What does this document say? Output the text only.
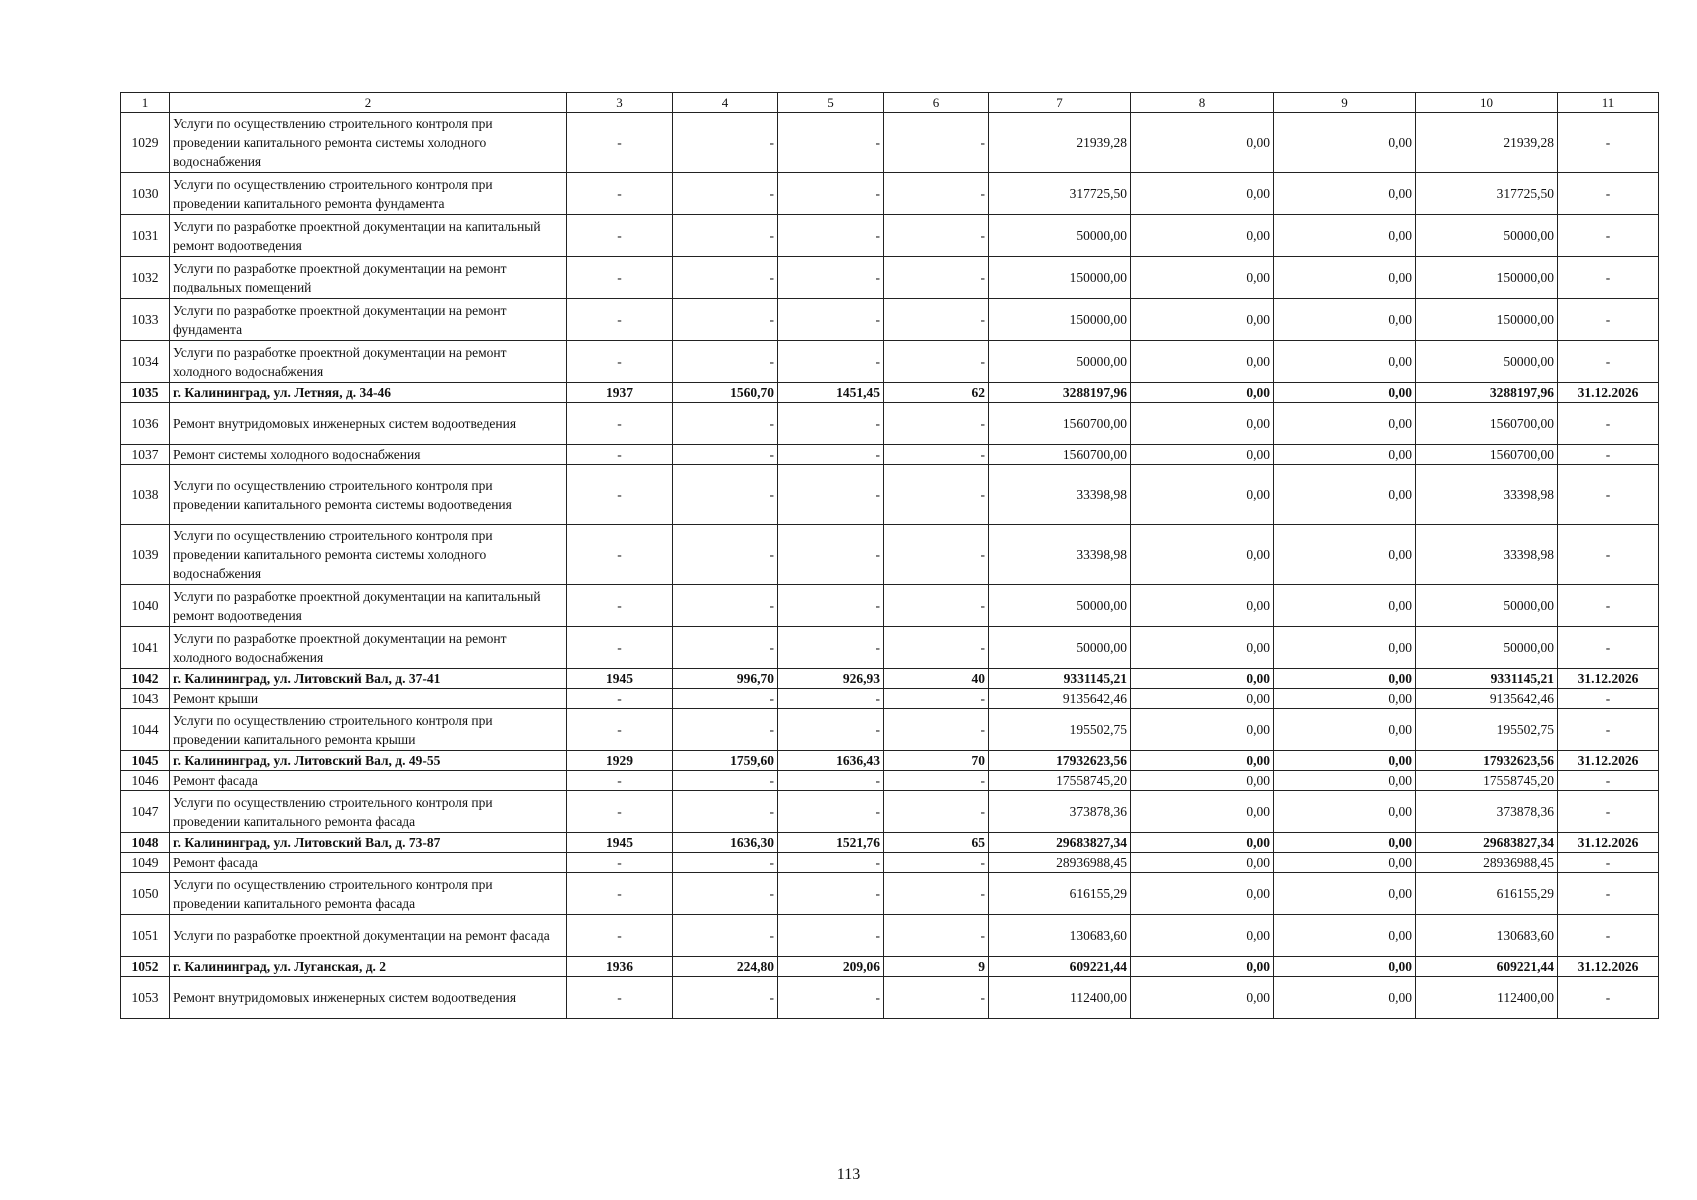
1	2	3	4	5	6	7	8	9	10	11
1029	Услуги по осуществлению строительного контроля при проведении капитального ремонта системы холодного водоснабжения	-	-	-	-	21939,28	0,00	0,00	21939,28	-
1030	Услуги по осуществлению строительного контроля при проведении капитального ремонта фундамента	-	-	-	-	317725,50	0,00	0,00	317725,50	-
1031	Услуги по разработке проектной документации на капитальный ремонт водоотведения	-	-	-	-	50000,00	0,00	0,00	50000,00	-
1032	Услуги по разработке проектной документации на ремонт подвальных помещений	-	-	-	-	150000,00	0,00	0,00	150000,00	-
1033	Услуги по разработке проектной документации на ремонт фундамента	-	-	-	-	150000,00	0,00	0,00	150000,00	-
1034	Услуги по разработке проектной документации на ремонт холодного водоснабжения	-	-	-	-	50000,00	0,00	0,00	50000,00	-
1035	г. Калининград, ул. Летняя, д. 34-46	1937	1560,70	1451,45	62	3288197,96	0,00	0,00	3288197,96	31.12.2026
1036	Ремонт внутридомовых инженерных систем водоотведения	-	-	-	-	1560700,00	0,00	0,00	1560700,00	-
1037	Ремонт системы холодного водоснабжения	-	-	-	-	1560700,00	0,00	0,00	1560700,00	-
1038	Услуги по осуществлению строительного контроля при проведении капитального ремонта системы водоотведения	-	-	-	-	33398,98	0,00	0,00	33398,98	-
1039	Услуги по осуществлению строительного контроля при проведении капитального ремонта системы холодного водоснабжения	-	-	-	-	33398,98	0,00	0,00	33398,98	-
1040	Услуги по разработке проектной документации на капитальный ремонт водоотведения	-	-	-	-	50000,00	0,00	0,00	50000,00	-
1041	Услуги по разработке проектной документации на ремонт холодного водоснабжения	-	-	-	-	50000,00	0,00	0,00	50000,00	-
1042	г. Калининград, ул. Литовский Вал, д. 37-41	1945	996,70	926,93	40	9331145,21	0,00	0,00	9331145,21	31.12.2026
1043	Ремонт крыши	-	-	-	-	9135642,46	0,00	0,00	9135642,46	-
1044	Услуги по осуществлению строительного контроля при проведении капитального ремонта крыши	-	-	-	-	195502,75	0,00	0,00	195502,75	-
1045	г. Калининград, ул. Литовский Вал, д. 49-55	1929	1759,60	1636,43	70	17932623,56	0,00	0,00	17932623,56	31.12.2026
1046	Ремонт фасада	-	-	-	-	17558745,20	0,00	0,00	17558745,20	-
1047	Услуги по осуществлению строительного контроля при проведении капитального ремонта фасада	-	-	-	-	373878,36	0,00	0,00	373878,36	-
1048	г. Калининград, ул. Литовский Вал, д. 73-87	1945	1636,30	1521,76	65	29683827,34	0,00	0,00	29683827,34	31.12.2026
1049	Ремонт фасада	-	-	-	-	28936988,45	0,00	0,00	28936988,45	-
1050	Услуги по осуществлению строительного контроля при проведении капитального ремонта фасада	-	-	-	-	616155,29	0,00	0,00	616155,29	-
1051	Услуги по разработке проектной документации на ремонт фасада	-	-	-	-	130683,60	0,00	0,00	130683,60	-
1052	г. Калининград, ул. Луганская, д. 2	1936	224,80	209,06	9	609221,44	0,00	0,00	609221,44	31.12.2026
1053	Ремонт внутридомовых инженерных систем водоотведения	-	-	-	-	112400,00	0,00	0,00	112400,00	-
113
